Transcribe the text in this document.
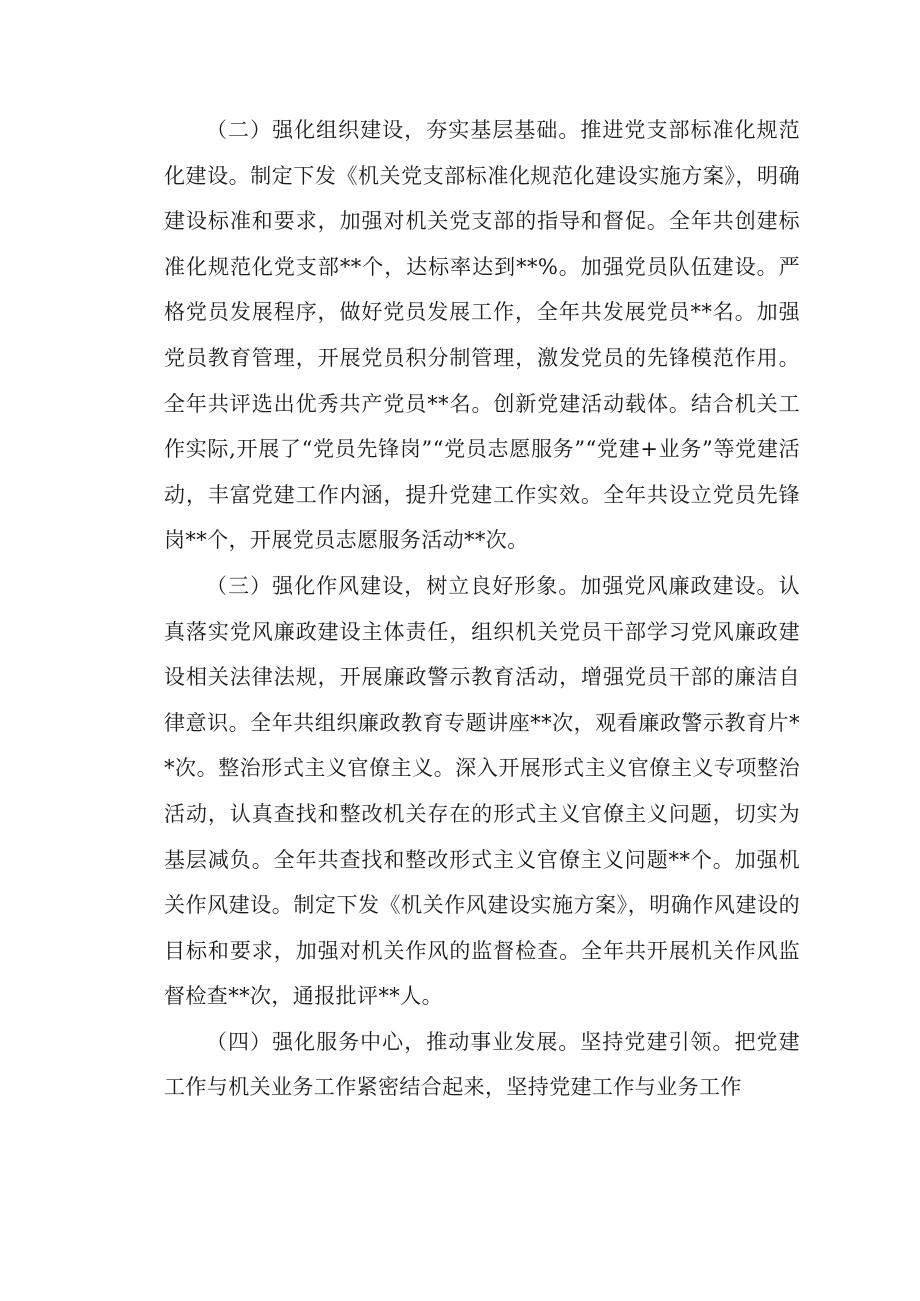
（二）强化组织建设，夯实基层基础。推进党支部标准化规范化建设。制定下发《机关党支部标准化规范化建设实施方案》，明确建设标准和要求，加强对机关党支部的指导和督促。全年共创建标准化规范化党支部**个，达标率达到**%。加强党员队伍建设。严格党员发展程序，做好党员发展工作，全年共发展党员**名。加强党员教育管理，开展党员积分制管理，激发党员的先锋模范作用。全年共评选出优秀共产党员**名。创新党建活动载体。结合机关工作实际,开展了“党员先锋岗”“党员志愿服务”“党建+业务”等党建活动，丰富党建工作内涵，提升党建工作实效。全年共设立党员先锋岗**个，开展党员志愿服务活动**次。

（三）强化作风建设，树立良好形象。加强党风廉政建设。认真落实党风廉政建设主体责任，组织机关党员干部学习党风廉政建设相关法律法规，开展廉政警示教育活动，增强党员干部的廉洁自律意识。全年共组织廉政教育专题讲座**次，观看廉政警示教育片**次。整治形式主义官僚主义。深入开展形式主义官僚主义专项整治活动，认真查找和整改机关存在的形式主义官僚主义问题，切实为基层减负。全年共查找和整改形式主义官僚主义问题**个。加强机关作风建设。制定下发《机关作风建设实施方案》，明确作风建设的目标和要求，加强对机关作风的监督检查。全年共开展机关作风监督检查**次，通报批评**人。

（四）强化服务中心，推动事业发展。坚持党建引领。把党建工作与机关业务工作紧密结合起来，坚持党建工作与业务工作
